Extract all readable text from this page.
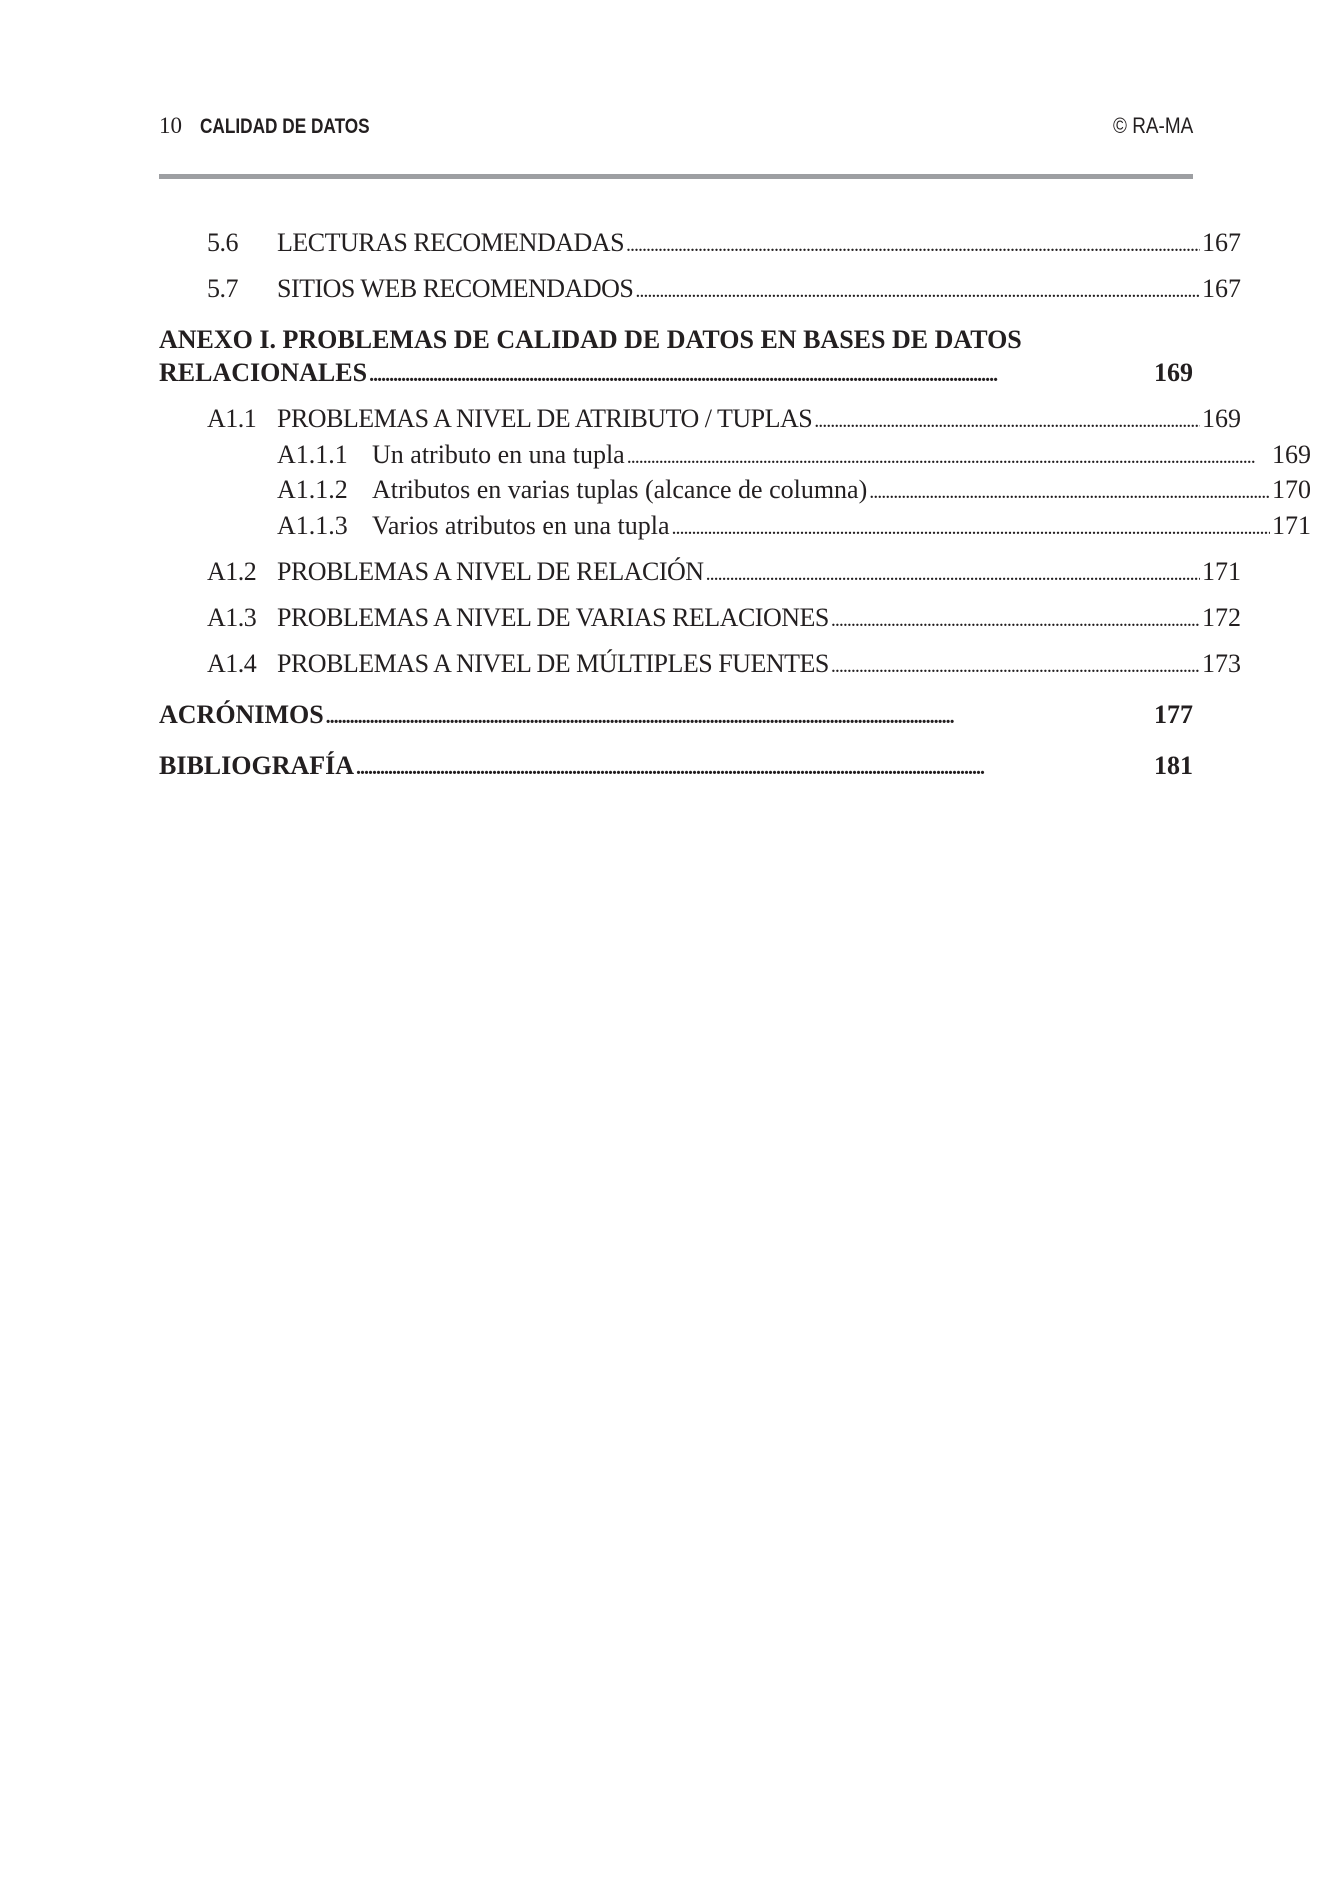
10 CALIDAD DE DATOS	© RA-MA
5.6	LECTURAS RECOMENDADAS . . .	167
5.7	SITIOS WEB RECOMENDADOS . . .	167
ANEXO I. PROBLEMAS DE CALIDAD DE DATOS EN BASES DE DATOS
RELACIONALES . . .	169
A1.1 PROBLEMAS A NIVEL DE ATRIBUTO / TUPLAS . . .	169
A1.1.1 Un atributo en una tupla . . .	169
A1.1.2 Atributos en varias tuplas (alcance de columna) . . .	170
A1.1.3 Varios atributos en una tupla . . .	171
A1.2 PROBLEMAS A NIVEL DE RELACIÓN . . .	171
A1.3 PROBLEMAS A NIVEL DE VARIAS RELACIONES . . .	172
A1.4 PROBLEMAS A NIVEL DE MÚLTIPLES FUENTES . . .	173
ACRÓNIMOS . . .	177
BIBLIOGRAFÍA . . .	181
